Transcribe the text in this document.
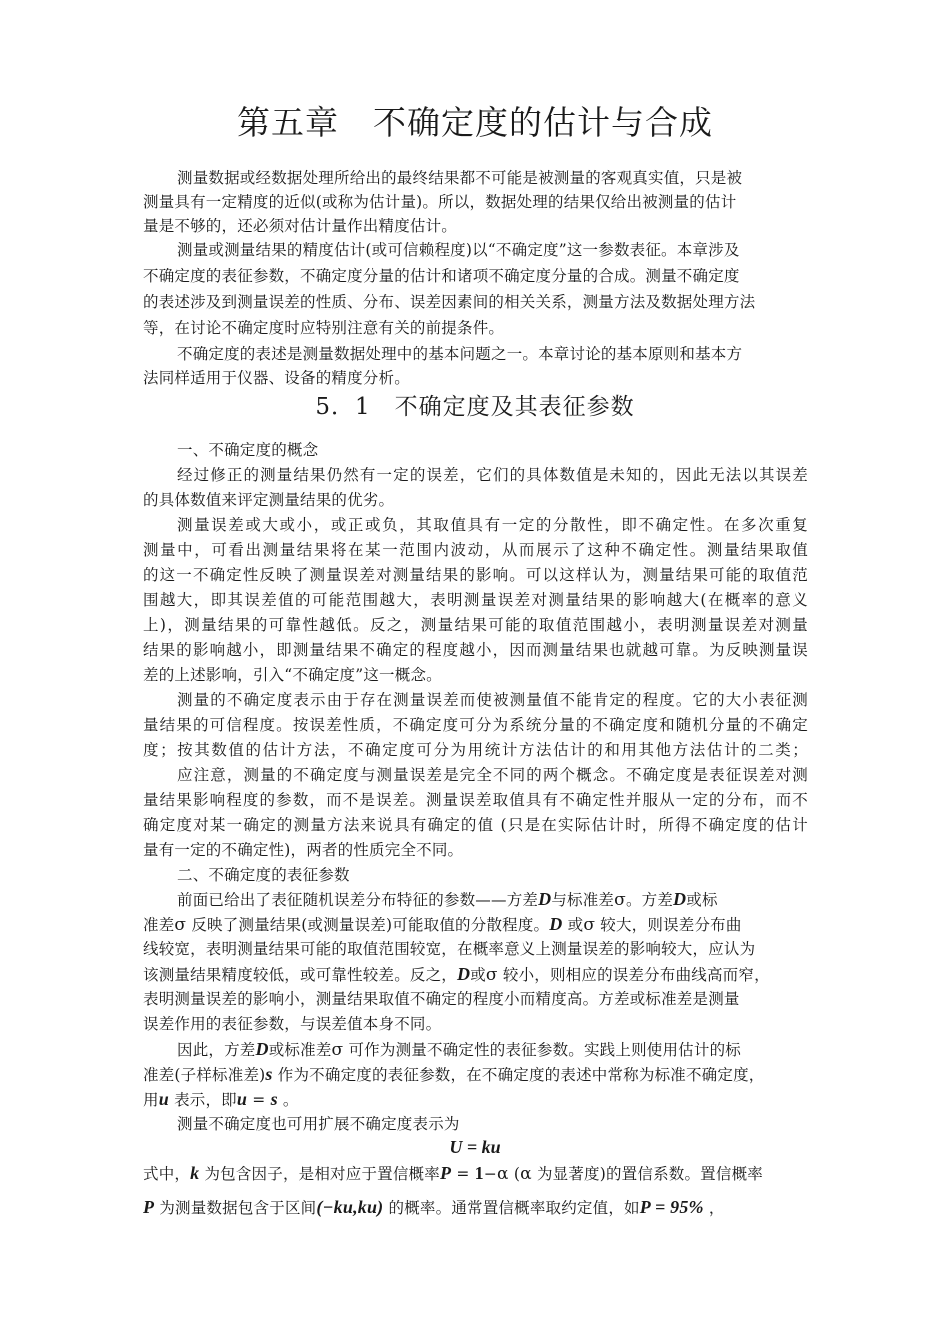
第五章　不确定度的估计与合成
测量数据或经数据处理所给出的最终结果都不可能是被测量的客观真实值，只是被
测量具有一定精度的近似(或称为估计量)。所以，数据处理的结果仅给出被测量的估计
量是不够的，还必须对估计量作出精度估计。
测量或测量结果的精度估计(或可信赖程度)以“不确定度”这一参数表征。本章涉及
不确定度的表征参数，不确定度分量的估计和诸项不确定度分量的合成。测量不确定度
的表述涉及到测量误差的性质、分布、误差因素间的相关关系，测量方法及数据处理方法
等，在讨论不确定度时应特别注意有关的前提条件。
不确定度的表述是测量数据处理中的基本问题之一。本章讨论的基本原则和基本方
法同样适用于仪器、设备的精度分析。
5．1　不确定度及其表征参数
一、不确定度的概念
经过修正的测量结果仍然有一定的误差，它们的具体数值是未知的，因此无法以其误差
的具体数值来评定测量结果的优劣。
测量误差或大或小，或正或负，其取值具有一定的分散性，即不确定性。在多次重复
测量中，可看出测量结果将在某一范围内波动，从而展示了这种不确定性。测量结果取值
的这一不确定性反映了测量误差对测量结果的影响。可以这样认为，测量结果可能的取值范
围越大，即其误差值的可能范围越大，表明测量误差对测量结果的影响越大(在概率的意义
上)，测量结果的可靠性越低。反之，测量结果可能的取值范围越小，表明测量误差对测量
结果的影响越小，即测量结果不确定的程度越小，因而测量结果也就越可靠。为反映测量误
差的上述影响，引入“不确定度”这一概念。
测量的不确定度表示由于存在测量误差而使被测量值不能肯定的程度。它的大小表征测
量结果的可信程度。按误差性质，不确定度可分为系统分量的不确定度和随机分量的不确定
度；按其数值的估计方法，不确定度可分为用统计方法估计的和用其他方法估计的二类；
应注意，测量的不确定度与测量误差是完全不同的两个概念。不确定度是表征误差对测
量结果影响程度的参数，而不是误差。测量误差取值具有不确定性并服从一定的分布，而不
确定度对某一确定的测量方法来说具有确定的值 (只是在实际估计时，所得不确定度的估计
量有一定的不确定性)，两者的性质完全不同。
二、不确定度的表征参数
前面已给出了表征随机误差分布特征的参数——方差D与标准差σ。方差D或标
准差σ 反映了测量结果(或测量误差)可能取值的分散程度。D 或σ 较大，则误差分布曲
线较宽，表明测量结果可能的取值范围较宽，在概率意义上测量误差的影响较大，应认为
该测量结果精度较低，或可靠性较差。反之，D或σ 较小，则相应的误差分布曲线高而窄，
表明测量误差的影响小，测量结果取值不确定的程度小而精度高。方差或标准差是测量
误差作用的表征参数，与误差值本身不同。
因此，方差D或标准差σ 可作为测量不确定性的表征参数。实践上则使用估计的标
准差(子样标准差)s 作为不确定度的表征参数，在不确定度的表述中常称为标准不确定度，
用u 表示，即u = s 。
测量不确定度也可用扩展不确定度表示为
U = ku
式中，k 为包含因子，是相对应于置信概率P = 1−α (α 为显著度)的置信系数。置信概率
P 为测量数据包含于区间(−ku,ku) 的概率。通常置信概率取约定值，如P = 95% ，
